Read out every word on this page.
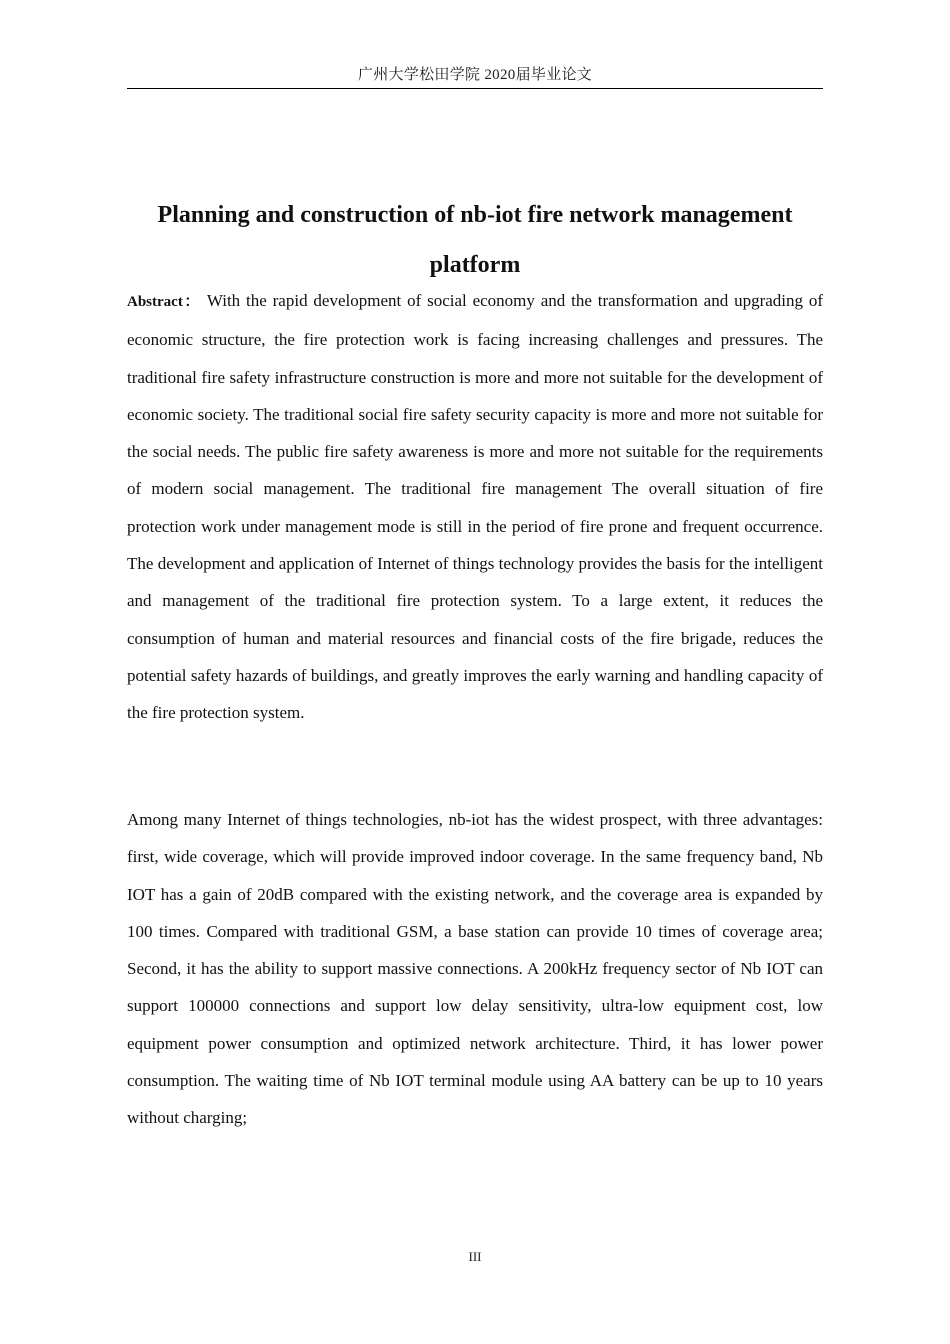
广州大学松田学院 2020届毕业论文
Planning and construction of nb-iot fire network management platform

Abstract： With the rapid development of social economy and the transformation and upgrading of economic structure, the fire protection work is facing increasing challenges and pressures. The traditional fire safety infrastructure construction is more and more not suitable for the development of economic society. The traditional social fire safety security capacity is more and more not suitable for the social needs. The public fire safety awareness is more and more not suitable for the requirements of modern social management. The traditional fire management The overall situation of fire protection work under management mode is still in the period of fire prone and frequent occurrence. The development and application of Internet of things technology provides the basis for the intelligent and management of the traditional fire protection system. To a large extent, it reduces the consumption of human and material resources and financial costs of the fire brigade, reduces the potential safety hazards of buildings, and greatly improves the early warning and handling capacity of the fire protection system.

Among many Internet of things technologies, nb-iot has the widest prospect, with three advantages: first, wide coverage, which will provide improved indoor coverage. In the same frequency band, Nb IOT has a gain of 20dB compared with the existing network, and the coverage area is expanded by 100 times. Compared with traditional GSM, a base station can provide 10 times of coverage area; Second, it has the ability to support massive connections. A 200kHz frequency sector of Nb IOT can support 100000 connections and support low delay sensitivity, ultra-low equipment cost, low equipment power consumption and optimized network architecture. Third, it has lower power consumption. The waiting time of Nb IOT terminal module using AA battery can be up to 10 years without charging;

III
